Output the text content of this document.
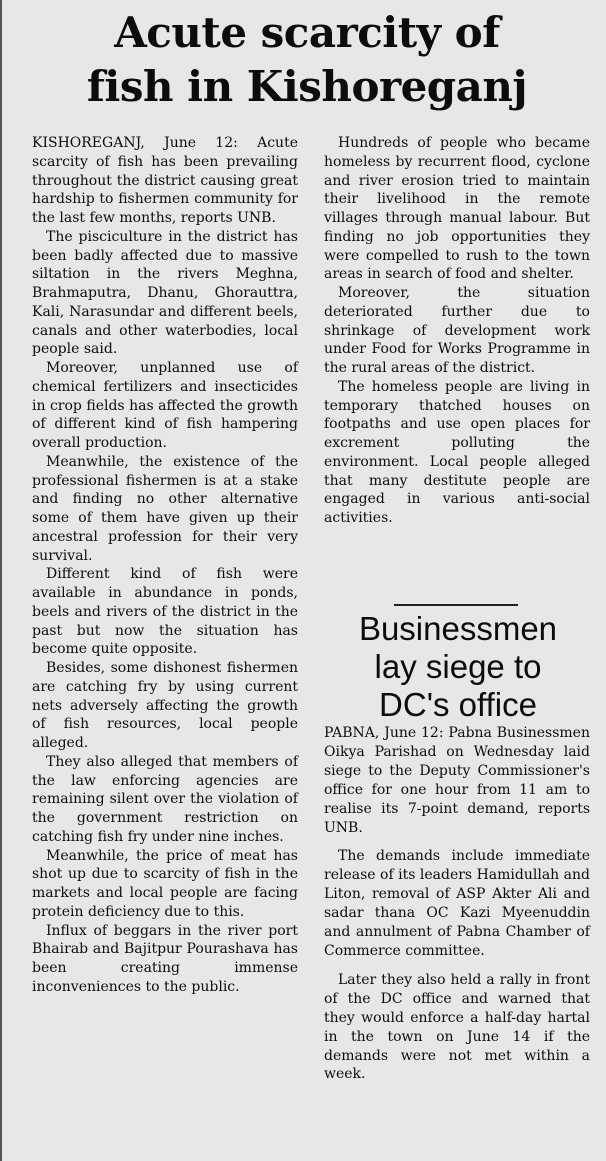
Acute scarcity of
fish in Kishoreganj

KISHOREGANJ, June 12: Acute scarcity of fish has been prevailing throughout the district causing great hardship to fishermen community for the last few months, reports UNB.

The pisciculture in the district has been badly affected due to massive siltation in the rivers Meghna, Brahmaputra, Dhanu, Ghorauttra, Kali, Narasundar and different beels, canals and other waterbodies, local people said.

Moreover, unplanned use of chemical fertilizers and insecticides in crop fields has affected the growth of different kind of fish hampering overall production.

Meanwhile, the existence of the professional fishermen is at a stake and finding no other alternative some of them have given up their ancestral profession for their very survival.

Different kind of fish were available in abundance in ponds, beels and rivers of the district in the past but now the situation has become quite opposite.

Besides, some dishonest fishermen are catching fry by using current nets adversely affecting the growth of fish resources, local people alleged.

They also alleged that members of the law enforcing agencies are remaining silent over the violation of the government restriction on catching fish fry under nine inches.

Meanwhile, the price of meat has shot up due to scarcity of fish in the markets and local people are facing protein deficiency due to this.

Influx of beggars in the river port Bhairab and Bajitpur Pourashava has been creating immense inconveniences to the public.

Hundreds of people who became homeless by recurrent flood, cyclone and river erosion tried to maintain their livelihood in the remote villages through manual labour. But finding no job opportunities they were compelled to rush to the town areas in search of food and shelter.

Moreover, the situation deteriorated further due to shrinkage of development work under Food for Works Programme in the rural areas of the district.

The homeless people are living in temporary thatched houses on footpaths and use open places for excrement polluting the environment. Local people alleged that many destitute people are engaged in various anti-social activities.

Businessmen
lay siege to
DC's office

PABNA, June 12: Pabna Businessmen Oikya Parishad on Wednesday laid siege to the Deputy Commissioner's office for one hour from 11 am to realise its 7-point demand, reports UNB.

The demands include immediate release of its leaders Hamidullah and Liton, removal of ASP Akter Ali and sadar thana OC Kazi Myeenuddin and annulment of Pabna Chamber of Commerce committee.

Later they also held a rally in front of the DC office and warned that they would enforce a half-day hartal in the town on June 14 if the demands were not met within a week.
